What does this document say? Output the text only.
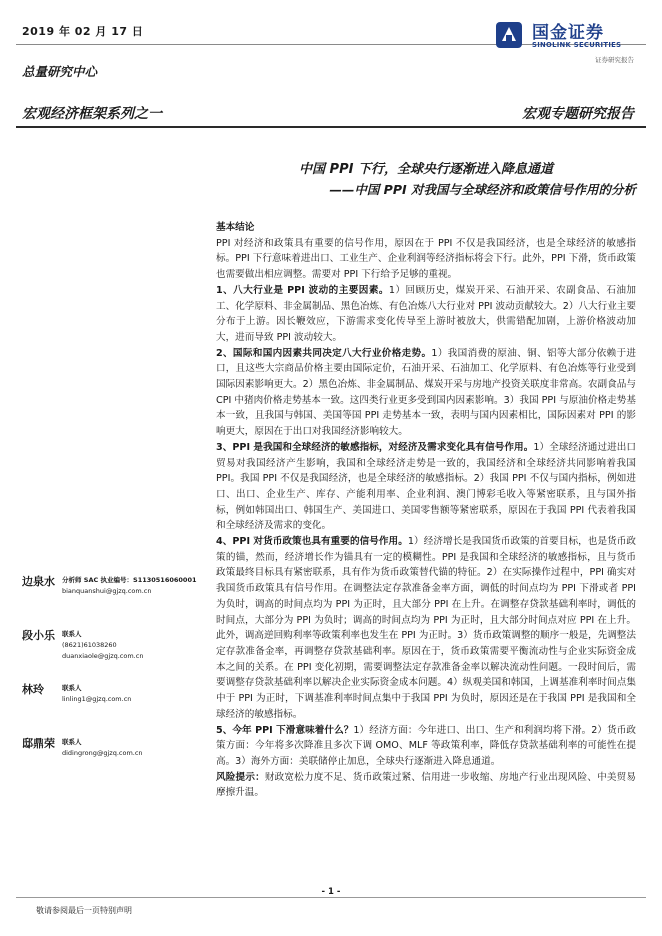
2019 年 02 月 17 日	国金证券
SINOLINK SECURITIES
证券研究报告
总量研究中心
宏观经济框架系列之一	宏观专题研究报告
中国 PPI 下行，全球央行逐渐进入降息通道
——中国 PPI 对我国与全球经济和政策信号作用的分析

基本结论

PPI 对经济和政策具有重要的信号作用，原因在于 PPI 不仅是我国经济，也是全球经济的敏感指标。PPI 下行意味着进出口、工业生产、企业利润等经济指标将会下行。此外，PPI 下滑，货币政策也需要做出相应调整。需要对 PPI 下行给予足够的重视。

1、八大行业是 PPI 波动的主要因素。1）回顾历史，煤炭开采、石油开采、农副食品、石油加工、化学原料、非金属制品、黑色冶炼、有色冶炼八大行业对 PPI 波动贡献较大。2）八大行业主要分布于上游。因长鞭效应，下游需求变化传导至上游时被放大，供需错配加剧，上游价格波动加大，进而导致 PPI 波动较大。

2、国际和国内因素共同决定八大行业价格走势。1）我国消费的原油、铜、铝等大部分依赖于进口，且这些大宗商品价格主要由国际定价，石油开采、石油加工、化学原料、有色冶炼等行业受到国际因素影响更大。2）黑色冶炼、非金属制品、煤炭开采与房地产投资关联度非常高。农副食品与 CPI 中猪肉价格走势基本一致。这四类行业更多受到国内因素影响。3）我国 PPI 与原油价格走势基本一致，且我国与韩国、美国等国 PPI 走势基本一致，表明与国内因素相比，国际因素对 PPI 的影响更大，原因在于出口对我国经济影响较大。

3、PPI 是我国和全球经济的敏感指标，对经济及需求变化具有信号作用。1）全球经济通过进出口贸易对我国经济产生影响，我国和全球经济走势是一致的，我国经济和全球经济共同影响着我国 PPI。我国 PPI 不仅是我国经济，也是全球经济的敏感指标。2）我国 PPI 不仅与国内指标，例如进口、出口、企业生产、库存、产能利用率、企业利润、澳门博彩毛收入等紧密联系，且与国外指标，例如韩国出口、韩国生产、美国进口、美国零售额等紧密联系，原因在于我国 PPI 代表着我国和全球经济及需求的变化。

4、PPI 对货币政策也具有重要的信号作用。1）经济增长是我国货币政策的首要目标，也是货币政策的锚，然而，经济增长作为锚具有一定的模糊性。PPI 是我国和全球经济的敏感指标，且与货币政策最终目标具有紧密联系，具有作为货币政策替代锚的特征。2）在实际操作过程中，PPI 确实对我国货币政策具有信号作用。在调整法定存款准备金率方面，调低的时间点均为 PPI 下滑或者 PPI 为负时，调高的时间点均为 PPI 为正时，且大部分 PPI 在上升。在调整存贷款基础利率时，调低的时间点，大部分为 PPI 为负时；调高的时间点均为 PPI 为正时，且大部分时间点对应 PPI 在上升。此外，调高逆回购利率等政策利率也发生在 PPI 为正时。3）货币政策调整的顺序一般是，先调整法定存款准备金率，再调整存贷款基础利率。原因在于，货币政策需要平衡流动性与企业实际资金成本之间的关系。在 PPI 变化初期，需要调整法定存款准备金率以解决流动性问题。一段时间后，需要调整存贷款基础利率以解决企业实际资金成本问题。4）纵观美国和韩国，上调基准利率时间点集中于 PPI 为正时，下调基准利率时间点集中于我国 PPI 为负时，原因还是在于我国 PPI 是我国和全球经济的敏感指标。

5、今年 PPI 下滑意味着什么？1）经济方面：今年进口、出口、生产和利润均将下滑。2）货币政策方面：今年将多次降准且多次下调 OMO、MLF 等政策利率，降低存贷款基础利率的可能性在提高。3）海外方面：美联储停止加息，全球央行逐渐进入降息通道。

风险提示：财政宽松力度不足、货币政策过紧、信用进一步收缩、房地产行业出现风险、中美贸易摩擦升温。

边泉水 分析师 SAC 执业编号：S1130516060001
bianquanshui@gjzq.com.cn
段小乐 联系人
(8621)61038260
duanxiaole@gjzq.com.cn
林玲	联系人
linling1@gjzq.com.cn
邸鼎荣 联系人
didingrong@gjzq.com.cn
- 1 -
敬请参阅最后一页特别声明
